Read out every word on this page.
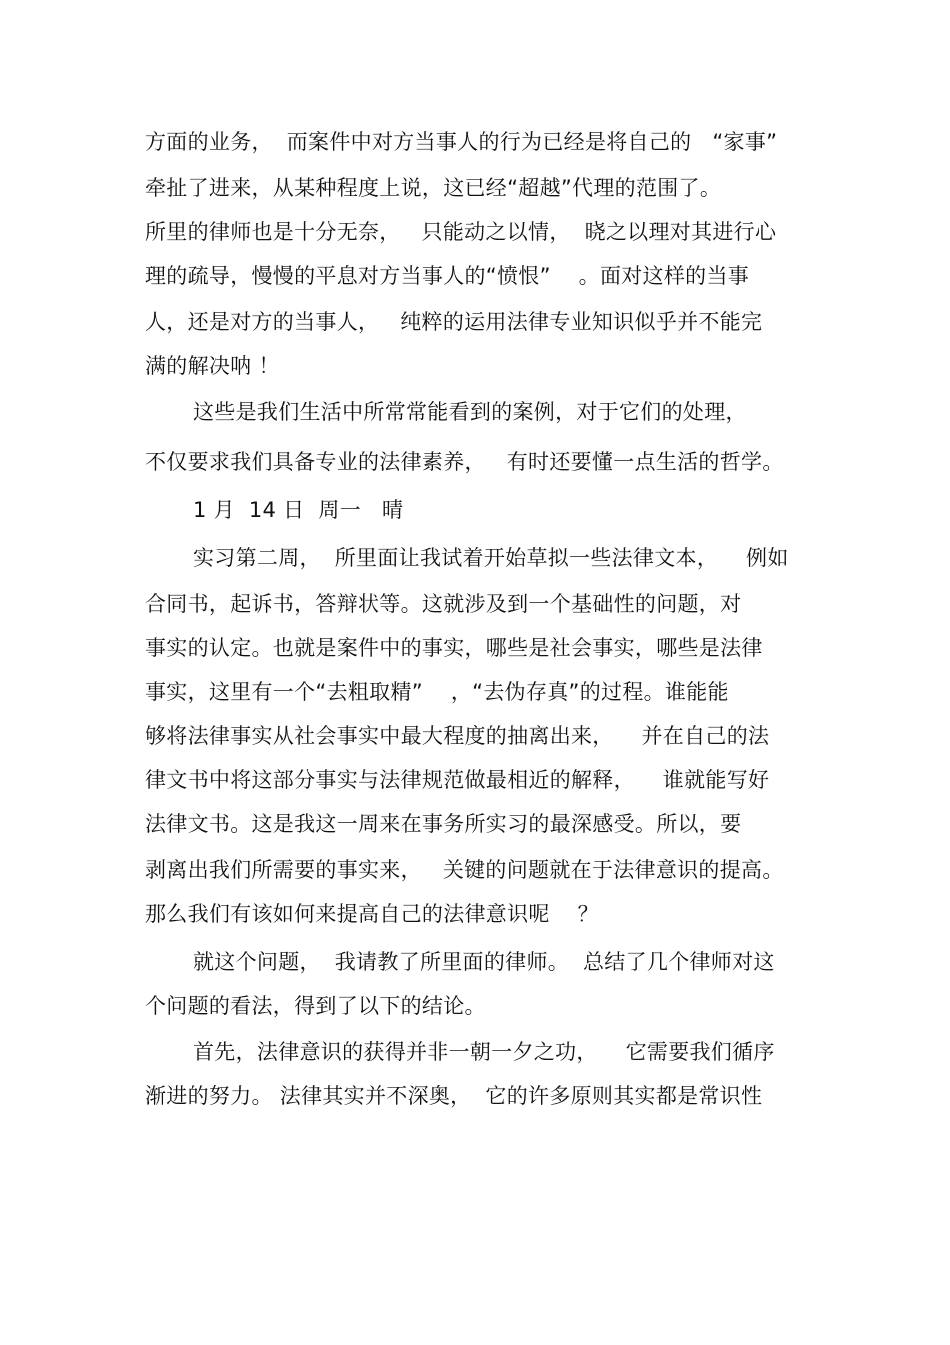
方面的业务，  而案件中对方当事人的行为已经是将自己的   “家事”
牵扯了进来，从某种程度上说，这已经“超越”代理的范围了。
所里的律师也是十分无奈，   只能动之以情，  晓之以理对其进行心
理的疏导，慢慢的平息对方当事人的“愤恨”    。面对这样的当事
人，还是对方的当事人，   纯粹的运用法律专业知识似乎并不能完
满的解决呐 ！
这些是我们生活中所常常能看到的案例，对于它们的处理，
不仅要求我们具备专业的法律素养，   有时还要懂一点生活的哲学。
1 月  14 日  周一   晴
实习第二周，  所里面让我试着开始草拟一些法律文本，    例如
合同书，起诉书，答辩状等。这就涉及到一个基础性的问题，对
事实的认定。也就是案件中的事实，哪些是社会事实，哪些是法律
事实，这里有一个“去粗取精”    ，“去伪存真”的过程。谁能能
够将法律事实从社会事实中最大程度的抽离出来，    并在自己的法
律文书中将这部分事实与法律规范做最相近的解释，    谁就能写好
法律文书。这是我这一周来在事务所实习的最深感受。所以，要
剥离出我们所需要的事实来，   关键的问题就在于法律意识的提高。
那么我们有该如何来提高自己的法律意识呢    ？
就这个问题，  我请教了所里面的律师。  总结了几个律师对这
个问题的看法，得到了以下的结论。
首先，法律意识的获得并非一朝一夕之功，    它需要我们循序
渐进的努力。 法律其实并不深奥，  它的许多原则其实都是常识性
